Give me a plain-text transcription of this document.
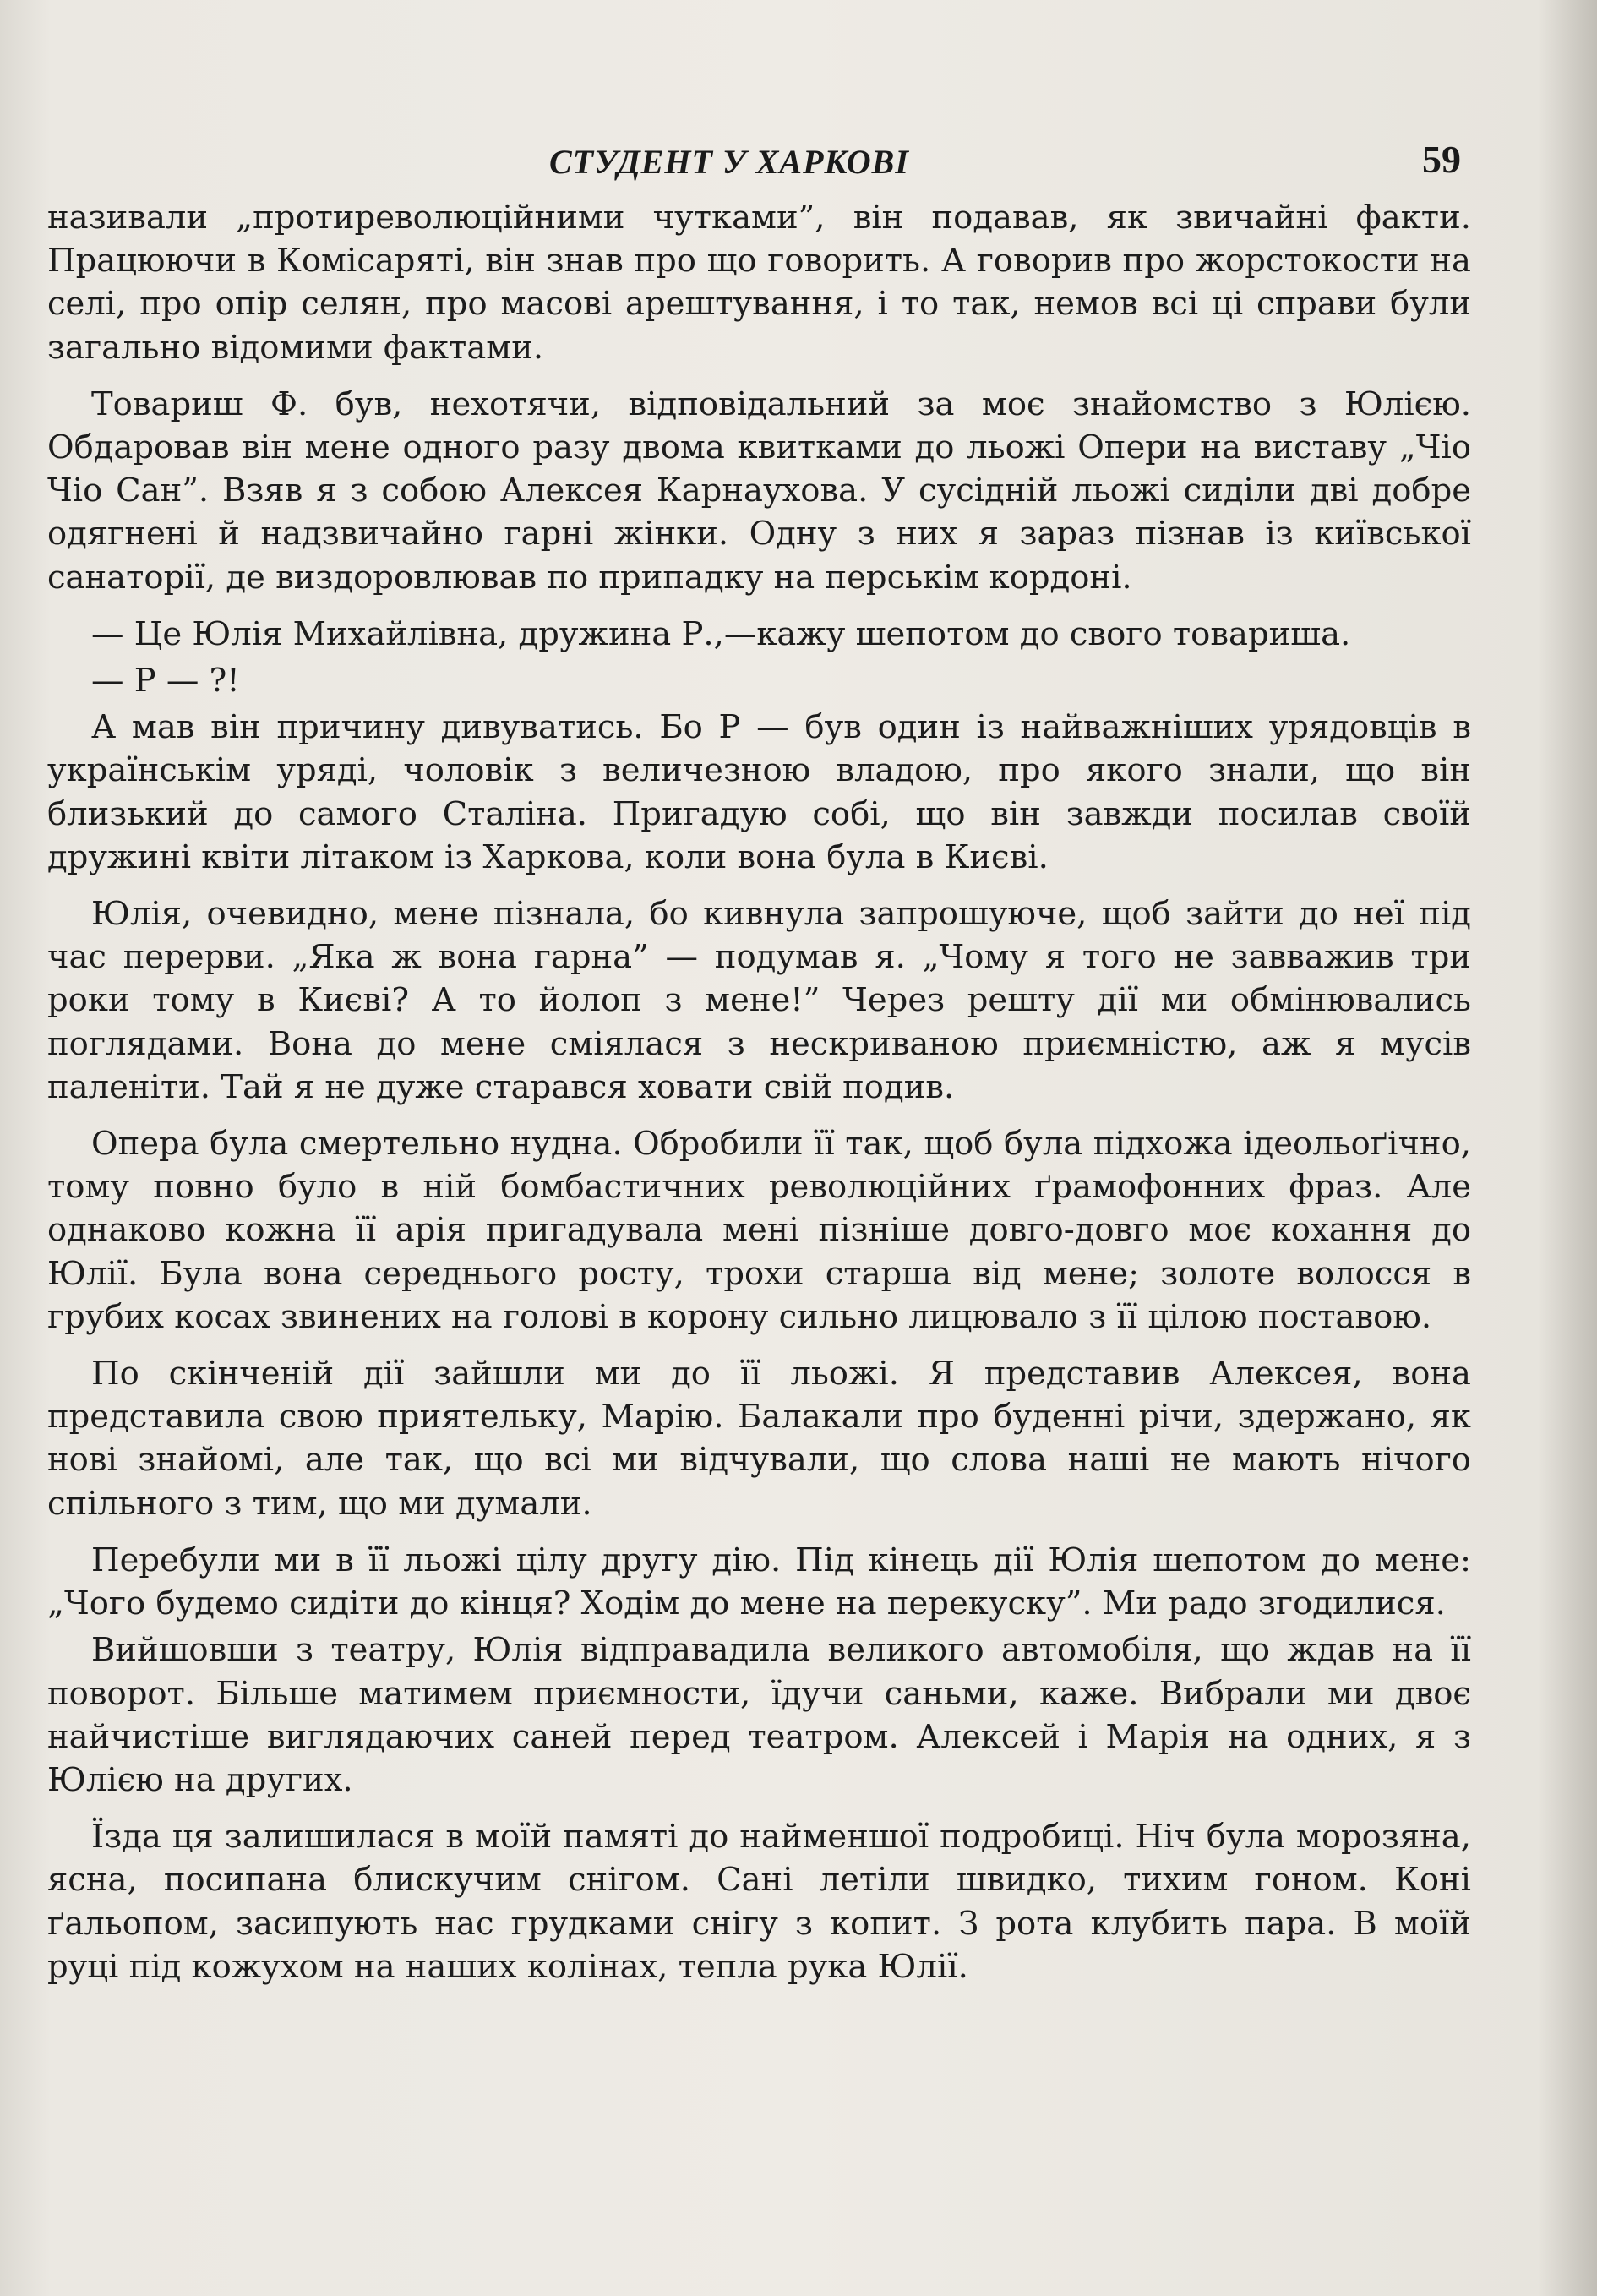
СТУДЕНТ У ХАРКОВІ	59

називали „протиреволюційними чутками”, він подавав, як звичайні факти. Працюючи в Комісаряті, він знав про що говорить. А говорив про жорстокости на селі, про опір селян, про масові арештування, і то так, немов всі ці справи були загально відомими фактами.

Товариш Ф. був, нехотячи, відповідальний за моє знайомство з Юлією. Обдаровав він мене одного разу двома квитками до льожі Опери на виставу „Чіо Чіо Сан”. Взяв я з собою Алексея Карнаухова. У сусідній льожі сиділи дві добре одягнені й надзвичайно гарні жінки. Одну з них я зараз пізнав із київської санаторії, де виздоровлював по припадку на перськім кордоні.

— Це Юлія Михайлівна, дружина Р.,—кажу шепотом до свого товариша.

— Р — ?!

А мав він причину дивуватись. Бо Р — був один із найважніших урядовців в українськім уряді, чоловік з величезною владою, про якого знали, що він близький до самого Сталіна. Пригадую собі, що він завжди посилав своїй дружині квіти літаком із Харкова, коли вона була в Києві.

Юлія, очевидно, мене пізнала, бо кивнула запрошуюче, щоб зайти до неї під час перерви. „Яка ж вона гарна” — подумав я. „Чому я того не завважив три роки тому в Києві? А то йолоп з мене!” Через решту дії ми обмінювались поглядами. Вона до мене сміялася з нескриваною приємністю, аж я мусів паленіти. Тай я не дуже старався ховати свій подив.

Опера була смертельно нудна. Обробили її так, щоб була підхожа ідеольоґічно, тому повно було в ній бомбастичних революційних ґрамофонних фраз. Але однаково кожна її арія пригадувала мені пізніше довго-довго моє кохання до Юлії. Була вона середнього росту, трохи старша від мене; золоте волосся в грубих косах звинених на голові в корону сильно лицювало з її цілою поставою.

По скінченій дії зайшли ми до її льожі. Я представив Алексея, вона представила свою приятельку, Марію. Балакали про буденні річи, здержано, як нові знайомі, але так, що всі ми відчували, що слова наші не мають нічого спільного з тим, що ми думали.

Перебули ми в її льожі цілу другу дію. Під кінець дії Юлія шепотом до мене: „Чого будемо сидіти до кінця? Ходім до мене на перекуску”. Ми радо згодилися.

Вийшовши з театру, Юлія відправадила великого автомобіля, що ждав на її поворот. Більше матимем приємности, їдучи саньми, каже. Вибрали ми двоє найчистіше виглядаючих саней перед театром. Алексей і Марія на одних, я з Юлією на других.

Їзда ця залишилася в моїй памяті до найменшої подробиці. Ніч була морозяна, ясна, посипана блискучим снігом. Сані летіли швидко, тихим гоном. Коні ґальопом, засипують нас грудками снігу з копит. З рота клубить пара. В моїй руці під кожухом на наших колінах, тепла рука Юлії.
